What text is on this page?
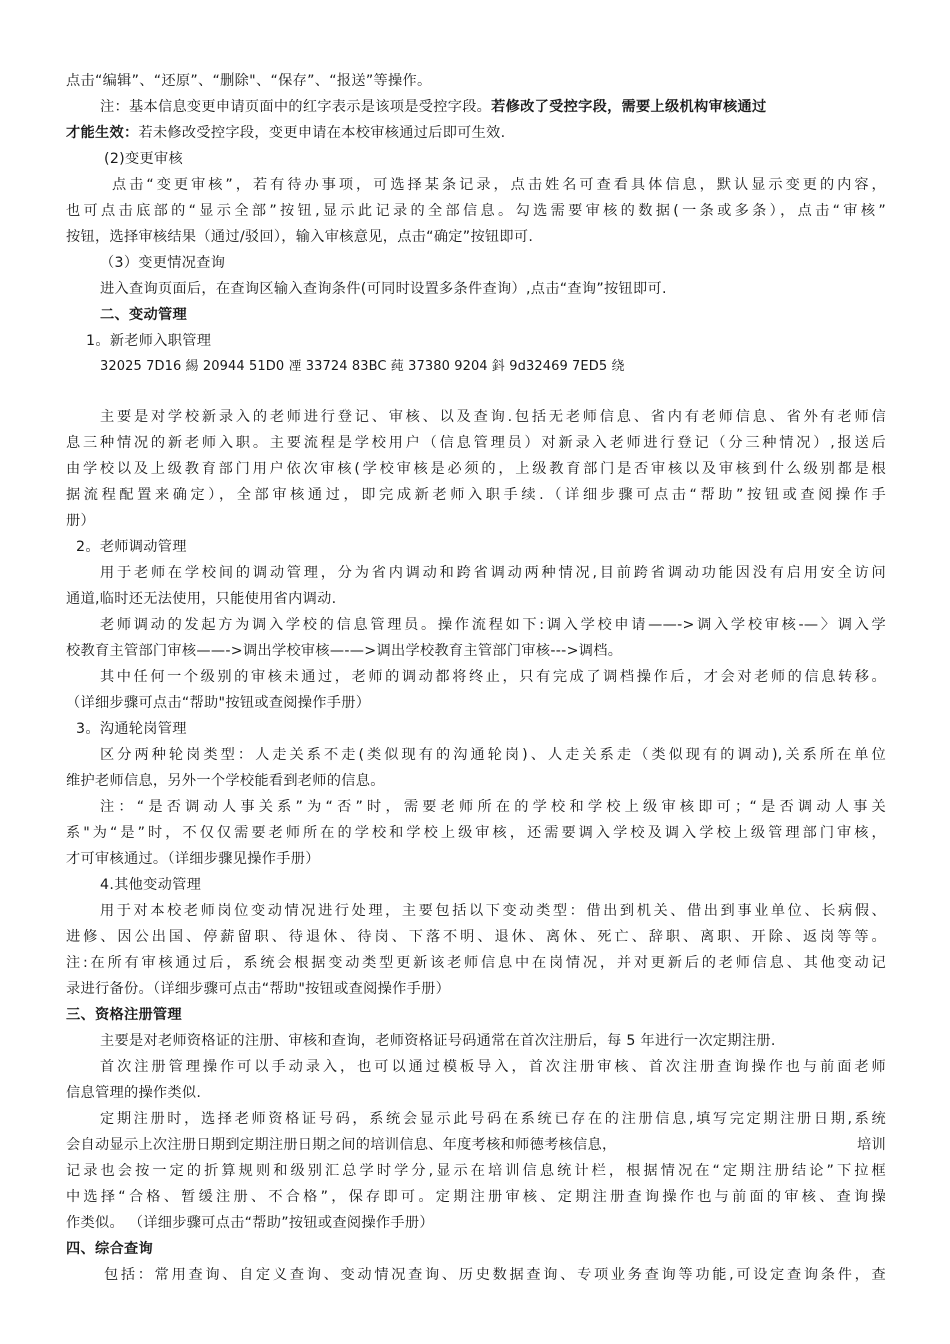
点击“编辑”、“还原”、“删除"、“保存”、“报送”等操作。
注：基本信息变更申请页面中的红字表示是该项是受控字段。若修改了受控字段，需要上级机构审核通过
才能生效：若未修改受控字段，变更申请在本校审核通过后即可生效.
(2)变更审核
点击“变更审核”，若有待办事项，可选择某条记录，点击姓名可查看具体信息，默认显示变更的内容，
也可点击底部的“显示全部”按钮,显示此记录的全部信息。勾选需要审核的数据(一条或多条），点击“审核”
按钮，选择审核结果（通过/驳回），输入审核意见，点击“确定”按钮即可.
（3）变更情况查询
进入查询页面后，在查询区输入查询条件(可同时设置多条件查询）,点击“查询”按钮即可.
二、变动管理
1。新老师入职管理
32025 7D16 緆 20944 51D0 凐 33724 83BC 莼 37380 9204 鈄 9d32469 7ED5 绕
主要是对学校新录入的老师进行登记、审核、以及查询.包括无老师信息、省内有老师信息、省外有老师信
息三种情况的新老师入职。主要流程是学校用户（信息管理员）对新录入老师进行登记（分三种情况）,报送后
由学校以及上级教育部门用户依次审核(学校审核是必须的，上级教育部门是否审核以及审核到什么级别都是根
据流程配置来确定），全部审核通过，即完成新老师入职手续.（详细步骤可点击“帮助”按钮或查阅操作手
册）
2。老师调动管理
用于老师在学校间的调动管理，分为省内调动和跨省调动两种情况,目前跨省调动功能因没有启用安全访问
通道,临时还无法使用，只能使用省内调动.
老师调动的发起方为调入学校的信息管理员。操作流程如下:调入学校申请——->调入学校审核-—〉调入学
校教育主管部门审核——->调出学校审核—-—>调出学校教育主管部门审核--->调档。
其中任何一个级别的审核未通过，老师的调动都将终止，只有完成了调档操作后，才会对老师的信息转移。
（详细步骤可点击“帮助"按钮或查阅操作手册）
3。沟通轮岗管理
区分两种轮岗类型：人走关系不走(类似现有的沟通轮岗)、人走关系走（类似现有的调动),关系所在单位
维护老师信息，另外一个学校能看到老师的信息。
注：“是否调动人事关系”为“否”时，需要老师所在的学校和学校上级审核即可；“是否调动人事关
系"为“是”时，不仅仅需要老师所在的学校和学校上级审核，还需要调入学校及调入学校上级管理部门审核，
才可审核通过。（详细步骤见操作手册）
4.其他变动管理
用于对本校老师岗位变动情况进行处理，主要包括以下变动类型：借出到机关、借出到事业单位、长病假、
进修、因公出国、停薪留职、待退休、待岗、下落不明、退休、离休、死亡、辞职、离职、开除、返岗等等。
注:在所有审核通过后，系统会根据变动类型更新该老师信息中在岗情况，并对更新后的老师信息、其他变动记
录进行备份。（详细步骤可点击“帮助"按钮或查阅操作手册）
三、资格注册管理
主要是对老师资格证的注册、审核和查询，老师资格证号码通常在首次注册后，每 5 年进行一次定期注册.
首次注册管理操作可以手动录入，也可以通过模板导入，首次注册审核、首次注册查询操作也与前面老师
信息管理的操作类似.
定期注册时，选择老师资格证号码，系统会显示此号码在系统已存在的注册信息,填写完定期注册日期,系统
会自动显示上次注册日期到定期注册日期之间的培训信息、年度考核和师德考核信息，	培训
记录也会按一定的折算规则和级别汇总学时学分,显示在培训信息统计栏，根据情况在“定期注册结论”下拉框
中选择“合格、暂缓注册、不合格”，保存即可。定期注册审核、定期注册查询操作也与前面的审核、查询操
作类似。 （详细步骤可点击“帮助”按钮或查阅操作手册）
四、综合查询
包括：常用查询、自定义查询、变动情况查询、历史数据查询、专项业务查询等功能,可设定查询条件，查
